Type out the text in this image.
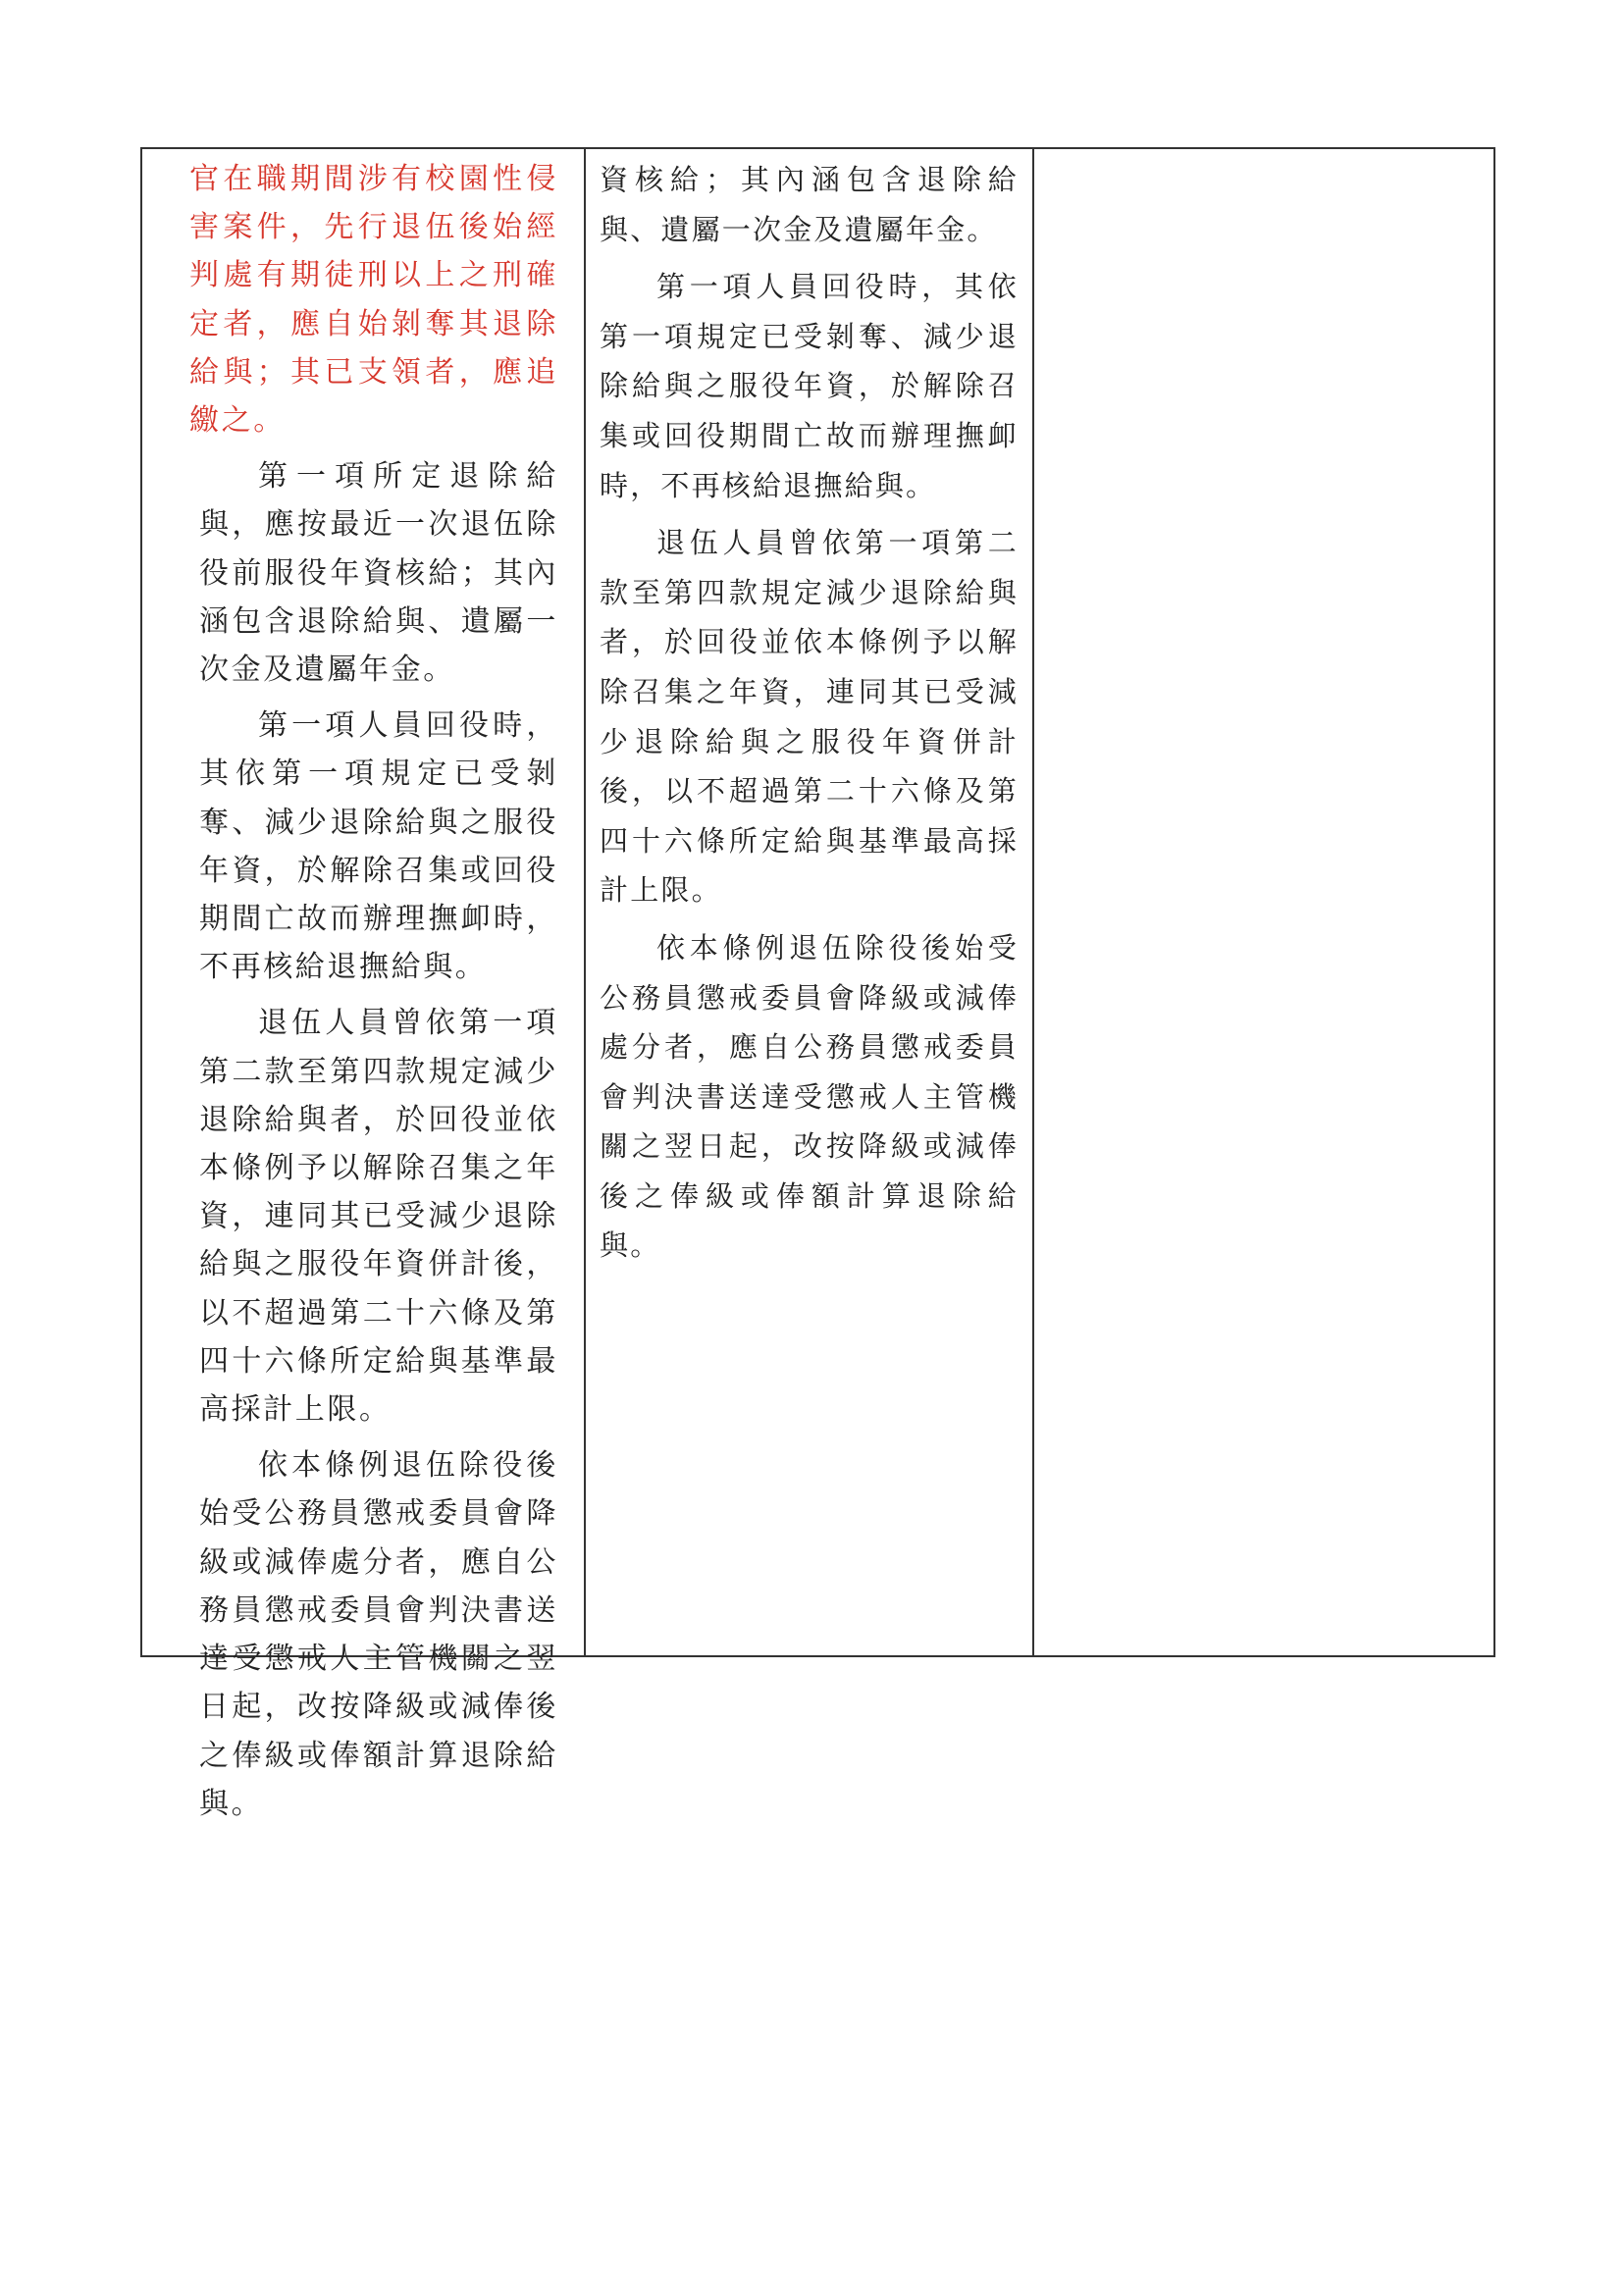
官在職期間涉有校園性侵害案件，先行退伍後始經判處有期徒刑以上之刑確定者，應自始剝奪其退除給與；其已支領者，應追繳之。

第一項所定退除給與，應按最近一次退伍除役前服役年資核給；其內涵包含退除給與、遺屬一次金及遺屬年金。

第一項人員回役時，其依第一項規定已受剝奪、減少退除給與之服役年資，於解除召集或回役期間亡故而辦理撫卹時，不再核給退撫給與。

退伍人員曾依第一項第二款至第四款規定減少退除給與者，於回役並依本條例予以解除召集之年資，連同其已受減少退除給與之服役年資併計後，以不超過第二十六條及第四十六條所定給與基準最高採計上限。

依本條例退伍除役後始受公務員懲戒委員會降級或減俸處分者，應自公務員懲戒委員會判決書送達受懲戒人主管機關之翌日起，改按降級或減俸後之俸級或俸額計算退除給與。

資核給；其內涵包含退除給與、遺屬一次金及遺屬年金。

第一項人員回役時，其依第一項規定已受剝奪、減少退除給與之服役年資，於解除召集或回役期間亡故而辦理撫卹時，不再核給退撫給與。

退伍人員曾依第一項第二款至第四款規定減少退除給與者，於回役並依本條例予以解除召集之年資，連同其已受減少退除給與之服役年資併計後，以不超過第二十六條及第四十六條所定給與基準最高採計上限。

依本條例退伍除役後始受公務員懲戒委員會降級或減俸處分者，應自公務員懲戒委員會判決書送達受懲戒人主管機關之翌日起，改按降級或減俸後之俸級或俸額計算退除給與。
